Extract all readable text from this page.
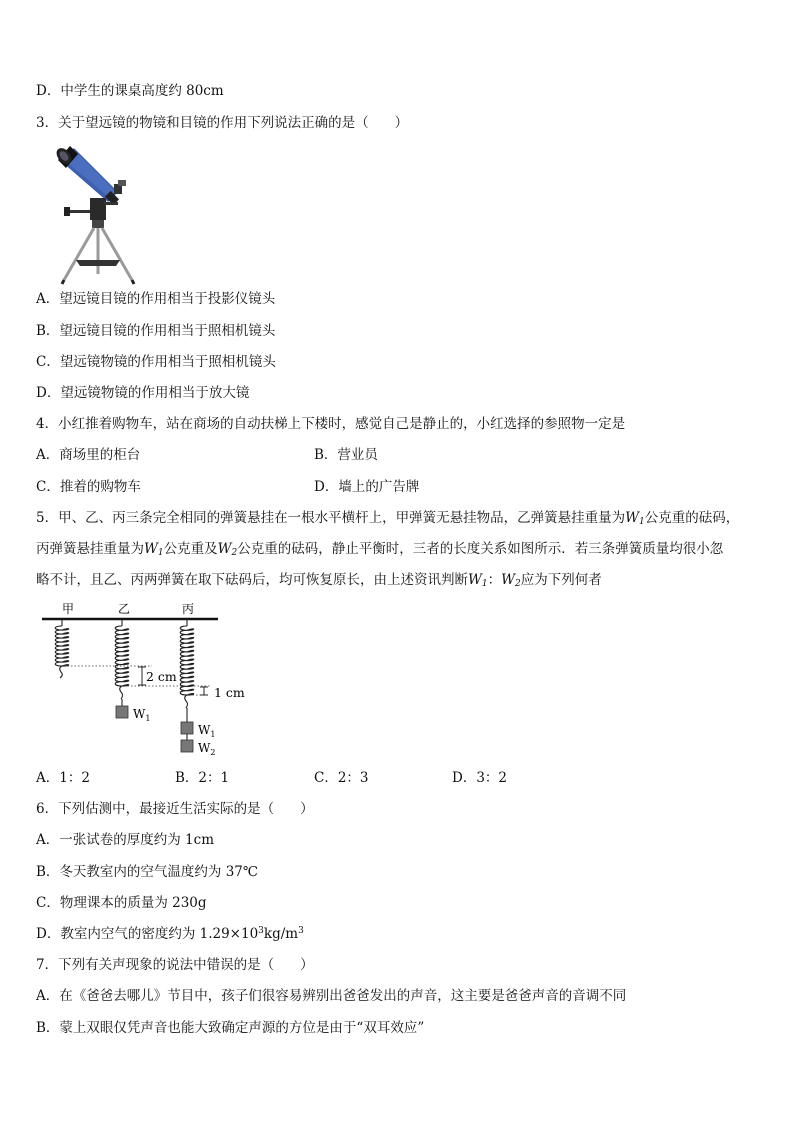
D．中学生的课桌高度约 80cm
3．关于望远镜的物镜和目镜的作用下列说法正确的是（ ）
A．望远镜目镜的作用相当于投影仪镜头
B．望远镜目镜的作用相当于照相机镜头
C．望远镜物镜的作用相当于照相机镜头
D．望远镜物镜的作用相当于放大镜
4．小红推着购物车，站在商场的自动扶梯上下楼时，感觉自己是静止的，小红选择的参照物一定是
A．商场里的柜台	B．营业员
C．推着的购物车	D．墙上的广告牌
5．甲、乙、丙三条完全相同的弹簧悬挂在一根水平横杆上，甲弹簧无悬挂物品，乙弹簧悬挂重量为$W_1$公克重的砝码，
丙弹簧悬挂重量为$W_1$公克重及$W_2$公克重的砝码，静止平衡时，三者的长度关系如图所示．若三条弹簧质量均很小忽
略不计，且乙、丙两弹簧在取下砝码后，均可恢复原长，由上述资讯判断$W_1$：$W_2$应为下列何者
甲	乙	丙
$W_1$
$W_1$
$W_2$
2 cm
1 cm
A．1：2	B．2：1	C．2：3	D．3：2
6．下列估测中，最接近生活实际的是（ ）
A．一张试卷的厚度约为 1cm
B．冬天教室内的空气温度约为 37℃
C．物理课本的质量为 230g
D．教室内空气的密度约为 $1.29\times 10^3kg/m^3$
7．下列有关声现象的说法中错误的是（ ）
A．在《爸爸去哪儿》节目中，孩子们很容易辨别出爸爸发出的声音，这主要是爸爸声音的音调不同
B．蒙上双眼仅凭声音也能大致确定声源的方位是由于“双耳效应”
